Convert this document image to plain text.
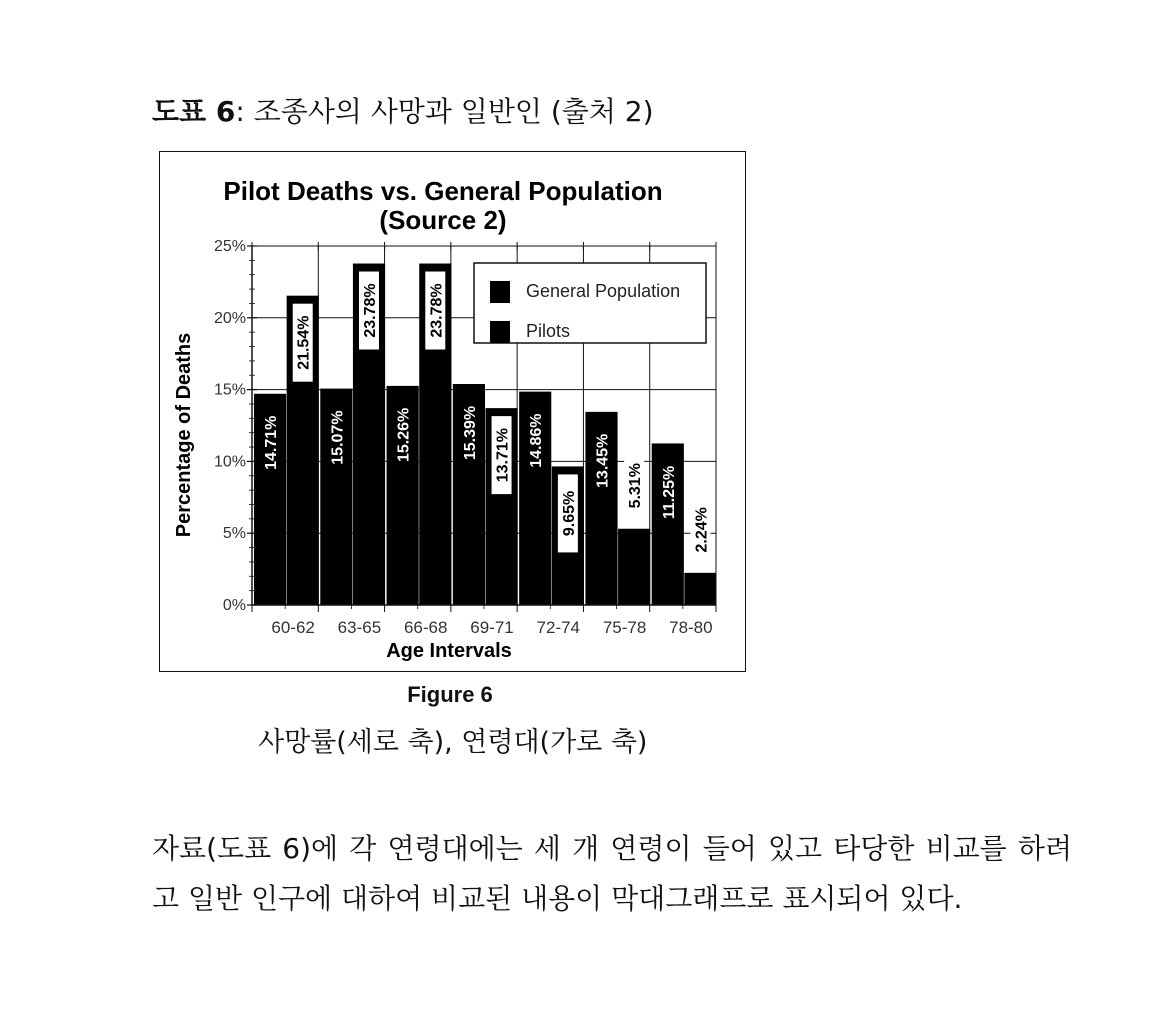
도표 6: 조종사의 사망과 일반인 (출처 2)
Pilot Deaths vs. General Population
(Source 2)
14.71%
21.54%
15.07%
23.78%
15.26%
23.78%
15.39% 13.71% 14.86%
9.65%
13.45% 5.31% 11.25%
2.24%
0%
5%
10%
15%
20%
25%
60-62 63-65 66-68 69-71 72-74 75-78 78-80
General Population
Pilots
Age Intervals
Percentage of Deaths
Figure 6
사망률(세로 축), 연령대(가로 축)
자료(도표 6)에 각 연령대에는 세 개 연령이 들어 있고 타당한 비교를 하려고 일반 인구에 대하여 비교된 내용이 막대그래프로 표시되어 있다.
